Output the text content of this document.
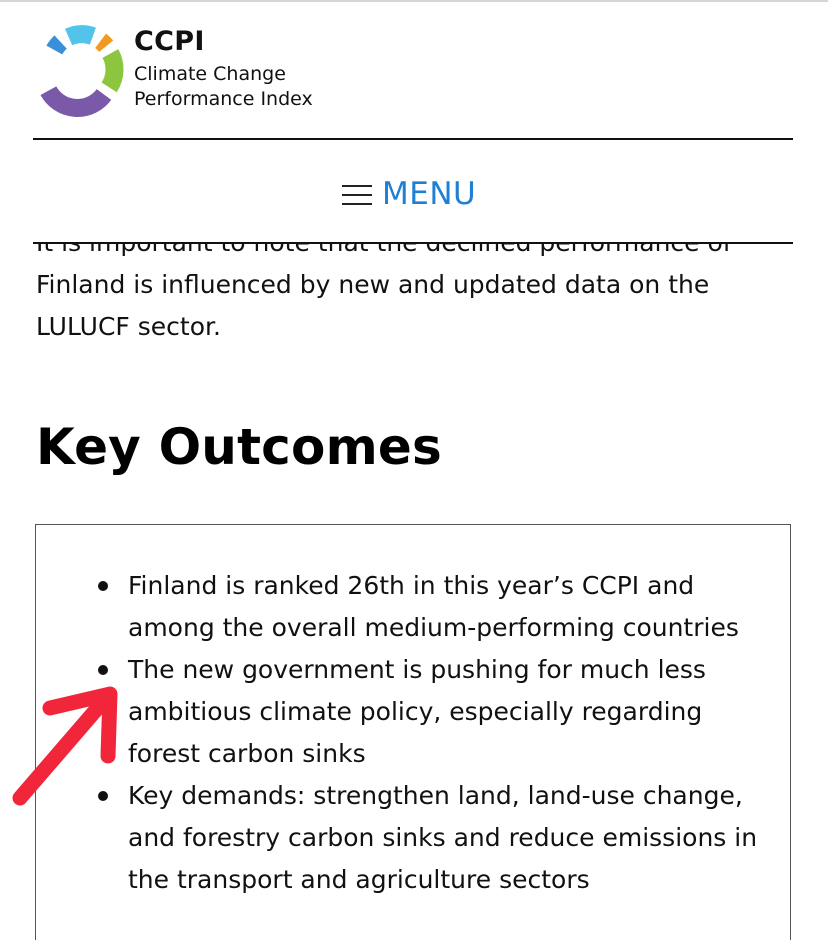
Finland is influenced by new and updated data on the LULUCF sector.

CCPI
Climate Change
Performance Index
MENU
Key Outcomes
Finland is ranked 26th in this year’s CCPI and among the overall medium-performing countries
The new government is pushing for much less ambitious climate policy, especially regarding forest carbon sinks
Key demands: strengthen land, land-use change, and forestry carbon sinks and reduce emissions in the transport and agriculture sectors
